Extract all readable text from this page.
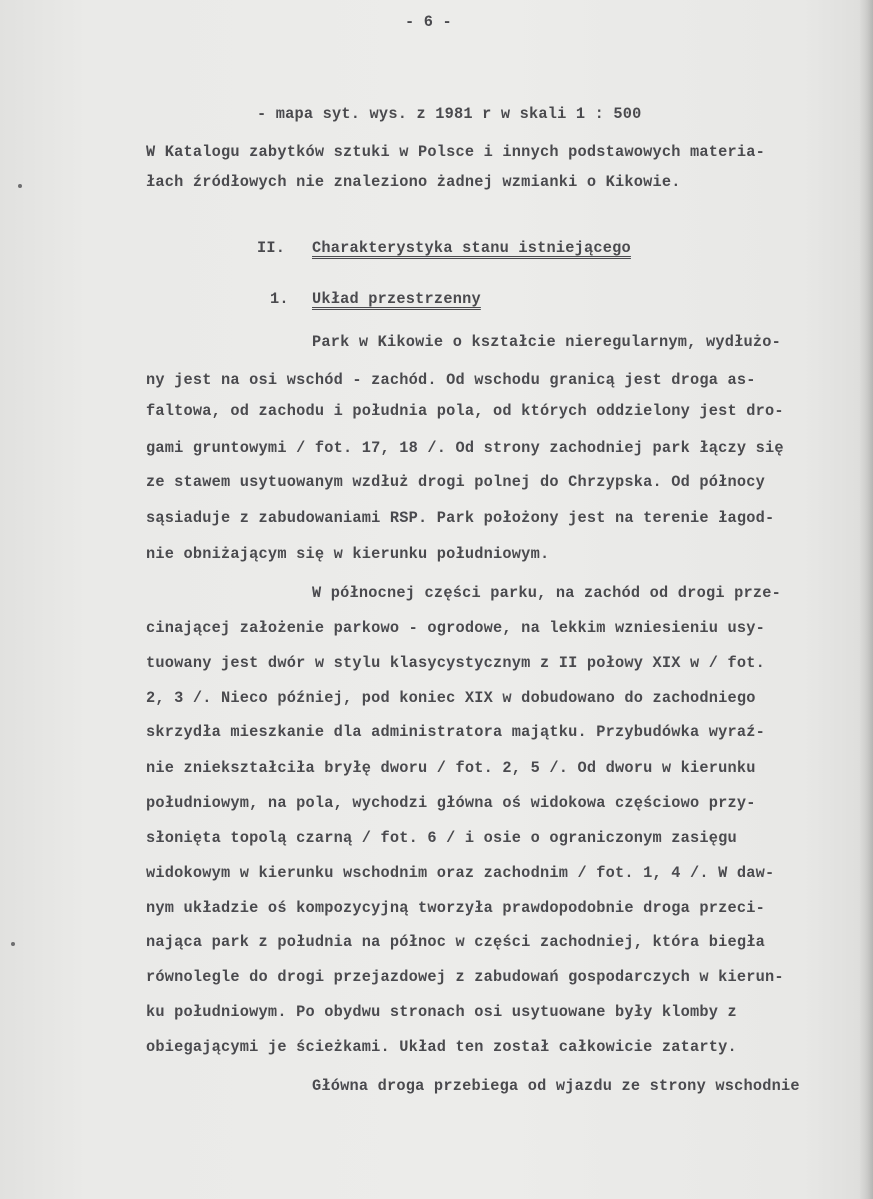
- 6 -

- mapa syt. wys. z 1981 r w skali 1 : 500

W Katalogu zabytków sztuki w Polsce i innych podstawowych materia-

łach źródłowych nie znaleziono żadnej wzmianki o Kikowie.

II. Charakterystyka stanu istniejącego

1. Układ przestrzenny

Park w Kikowie o kształcie nieregularnym, wydłużo-

ny jest na osi wschód - zachód. Od wschodu granicą jest droga as-

faltowa, od zachodu i południa pola, od których oddzielony jest dro-

gami gruntowymi / fot. 17, 18 /. Od strony zachodniej park łączy się

ze stawem usytuowanym wzdłuż drogi polnej do Chrzypska. Od północy

sąsiaduje z zabudowaniami RSP. Park położony jest na terenie łagod-

nie obniżającym się w kierunku południowym.

W północnej części parku, na zachód od drogi prze-

cinającej założenie parkowo - ogrodowe, na lekkim wzniesieniu usy-

tuowany jest dwór w stylu klasycystycznym z II połowy XIX w / fot.

2, 3 /. Nieco później, pod koniec XIX w dobudowano do zachodniego

skrzydła mieszkanie dla administratora majątku. Przybudówka wyraź-

nie zniekształciła bryłę dworu / fot. 2, 5 /. Od dworu w kierunku

południowym, na pola, wychodzi główna oś widokowa częściowo przy-

słonięta topolą czarną / fot. 6 / i osie o ograniczonym zasięgu

widokowym w kierunku wschodnim oraz zachodnim / fot. 1, 4 /. W daw-

nym układzie oś kompozycyjną tworzyła prawdopodobnie droga przeci-

nająca park z południa na północ w części zachodniej, która biegła

równolegle do drogi przejazdowej z zabudowań gospodarczych w kierun-

ku południowym. Po obydwu stronach osi usytuowane były klomby z

obiegającymi je ścieżkami. Układ ten został całkowicie zatarty.

Główna droga przebiega od wjazdu ze strony wschodnie
